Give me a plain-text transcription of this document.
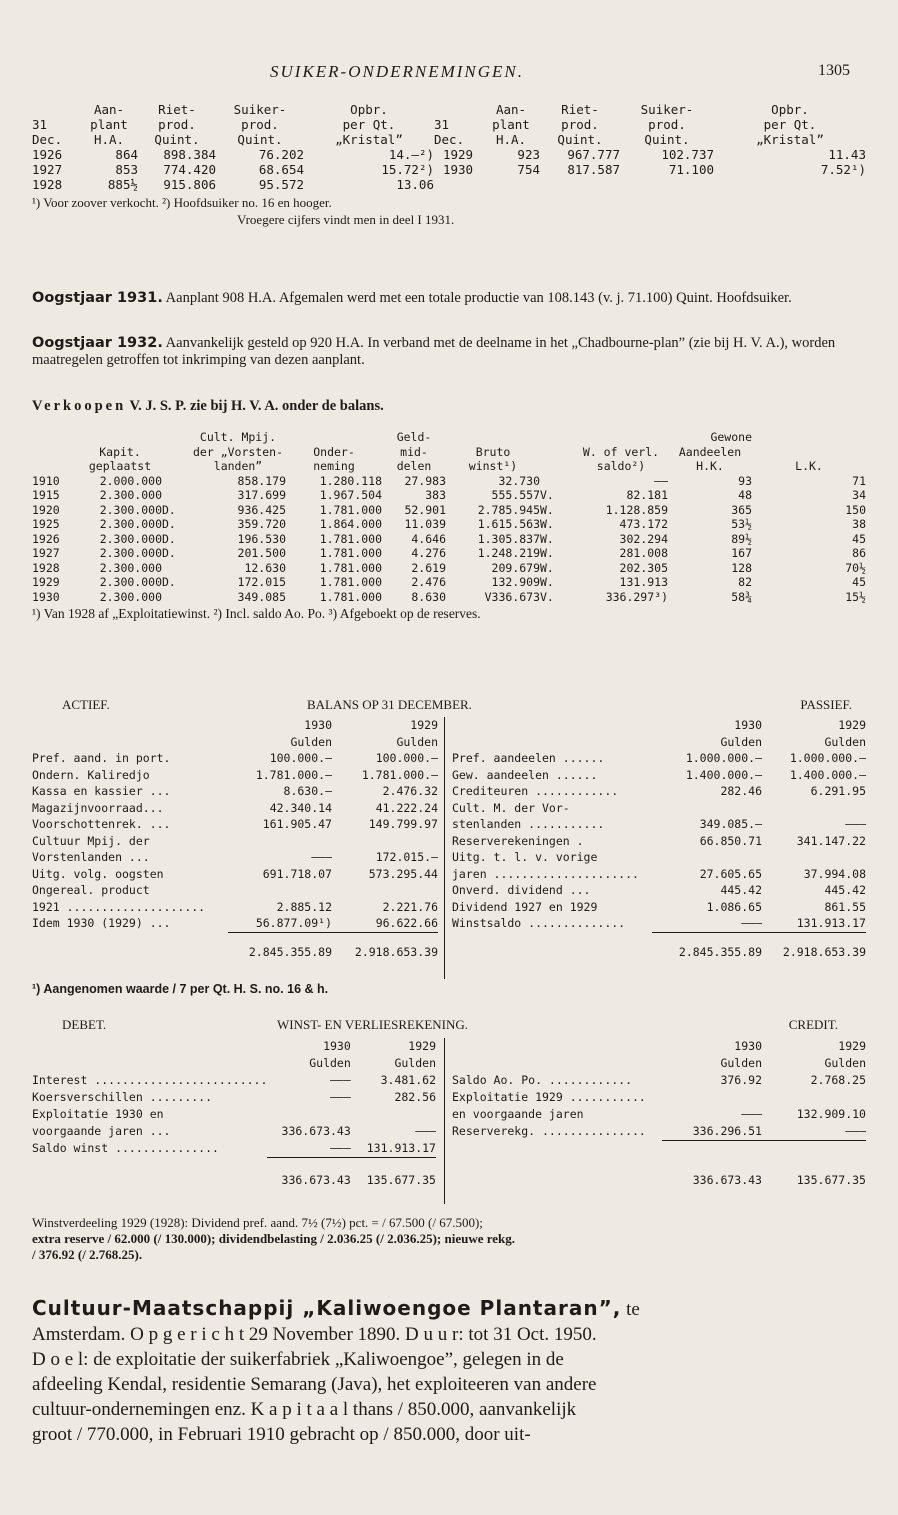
SUIKER-ONDERNEMINGEN.	1305
	Aan-	Riet-	Suiker-	Opbr.		Aan-	Riet-	Suiker-	Opbr.
31	plant	prod.	prod.	per Qt.	31	plant	prod.	prod.	per Qt.
Dec.	H.A.	Quint.	Quint.	„Kristal”	Dec.	H.A.	Quint.	Quint.	„Kristal”
1926	864	898.384	76.202	14.—²)	1929	923	967.777	102.737	11.43
1927	853	774.420	68.654	15.72²)	1930	754	817.587	71.100	7.52¹)
1928	885½	915.806	95.572	13.06					
¹) Voor zoover verkocht. ²) Hoofdsuiker no. 16 en hooger.
Vroegere cijfers vindt men in deel I 1931.
Oogstjaar 1931. Aanplant 908 H.A. Afgemalen werd met een totale productie van 108.143 (v. j. 71.100) Quint. Hoofdsuiker.
Oogstjaar 1932. Aanvankelijk gesteld op 920 H.A. In verband met de deelname in het „Chadbourne-plan” (zie bij H. V. A.), worden maatregelen getroffen tot inkrimping van dezen aanplant.
Verkoopen V. J. S. P. zie bij H. V. A. onder de balans.
			Cult. Mpij.		Geld-				Gewone	
	Kapit.		der „Vorsten-	Onder-	mid-	Bruto		W. of verl.	Aandeelen	
	geplaatst		landen”	neming	delen	winst¹)		saldo²)	H.K.	L.K.
1910	2.000.000		858.179	1.280.118	27.983	32.730		——	93	71
1915	2.300.000		317.699	1.967.504	383	555.557	V.	82.181	48	34
1920	2.300.000	D.	936.425	1.781.000	52.901	2.785.945	W.	1.128.859	365	150
1925	2.300.000	D.	359.720	1.864.000	11.039	1.615.563	W.	473.172	53½	38
1926	2.300.000	D.	196.530	1.781.000	4.646	1.305.837	W.	302.294	89½	45
1927	2.300.000	D.	201.500	1.781.000	4.276	1.248.219	W.	281.008	167	86
1928	2.300.000		12.630	1.781.000	2.619	209.679	W.	202.305	128	70½
1929	2.300.000	D.	172.015	1.781.000	2.476	132.909	W.	131.913	82	45
1930	2.300.000		349.085	1.781.000	8.630	V336.673	V.	336.297³)	58¾	15½
¹) Van 1928 af „Exploitatiewinst. ²) Incl. saldo Ao. Po. ³) Afgeboekt op de reserves.
ACTIEF.	BALANS OP 31 DECEMBER.	PASSIEF.
	1930	1929
	Gulden	Gulden
Pref. aand. in port.	100.000.—	100.000.—
Ondern. Kaliredjo	1.781.000.—	1.781.000.—
Kassa en kassier ...	8.630.—	2.476.32
Magazijnvoorraad...	42.340.14	41.222.24
Voorschottenrek. ...	161.905.47	149.799.97
Cultuur Mpij. der		
Vorstenlanden ...	———	172.015.—
Uitg. volg. oogsten	691.718.07	573.295.44
Ongereal. product		
1921 ....................	2.885.12	2.221.76
Idem 1930 (1929) ...	56.877.09¹)	96.622.66

	2.845.355.89	2.918.653.39
	1930	1929
	Gulden	Gulden
Pref. aandeelen ......	1.000.000.—	1.000.000.—
Gew. aandeelen ......	1.400.000.—	1.400.000.—
Crediteuren ............	282.46	6.291.95
Cult. M. der Vor-		
stenlanden ...........	349.085.—	———
Reserverekeningen .	66.850.71	341.147.22
Uitg. t. l. v. vorige		
jaren .....................	27.605.65	37.994.08
Onverd. dividend ...	445.42	445.42
Dividend 1927 en 1929	1.086.65	861.55
Winstsaldo ..............	———	131.913.17

	2.845.355.89	2.918.653.39
¹) Aangenomen waarde / 7 per Qt. H. S. no. 16 & h.
DEBET.	WINST- EN VERLIESREKENING.	CREDIT.
	1930	1929
	Gulden	Gulden
Interest .........................	———	3.481.62
Koersverschillen .........	———	282.56
Exploitatie 1930 en		
voorgaande jaren ...	336.673.43	———
Saldo winst ...............	———	131.913.17

	336.673.43	135.677.35
	1930	1929
	Gulden	Gulden
Saldo Ao. Po. ............	376.92	2.768.25
Exploitatie 1929 ...........		
en voorgaande jaren	———	132.909.10
Reserverekg. ...............	336.296.51	———

	336.673.43	135.677.35
Winstverdeeling 1929 (1928): Dividend pref. aand. 7½ (7½) pct. = / 67.500 (/ 67.500);
extra reserve / 62.000 (/ 130.000); dividendbelasting / 2.036.25 (/ 2.036.25); nieuwe rekg.
/ 376.92 (/ 2.768.25).
Cultuur-Maatschappij „Kaliwoengoe Plantaran”, te
Amsterdam. O p g e r i c h t 29 November 1890. D u u r: tot 31 Oct. 1950.
D o e l: de exploitatie der suikerfabriek „Kaliwoengoe”, gelegen in de
afdeeling Kendal, residentie Semarang (Java), het exploiteeren van andere
cultuur-ondernemingen enz. K a p i t a a l thans / 850.000, aanvankelijk
groot / 770.000, in Februari 1910 gebracht op / 850.000, door uit-
